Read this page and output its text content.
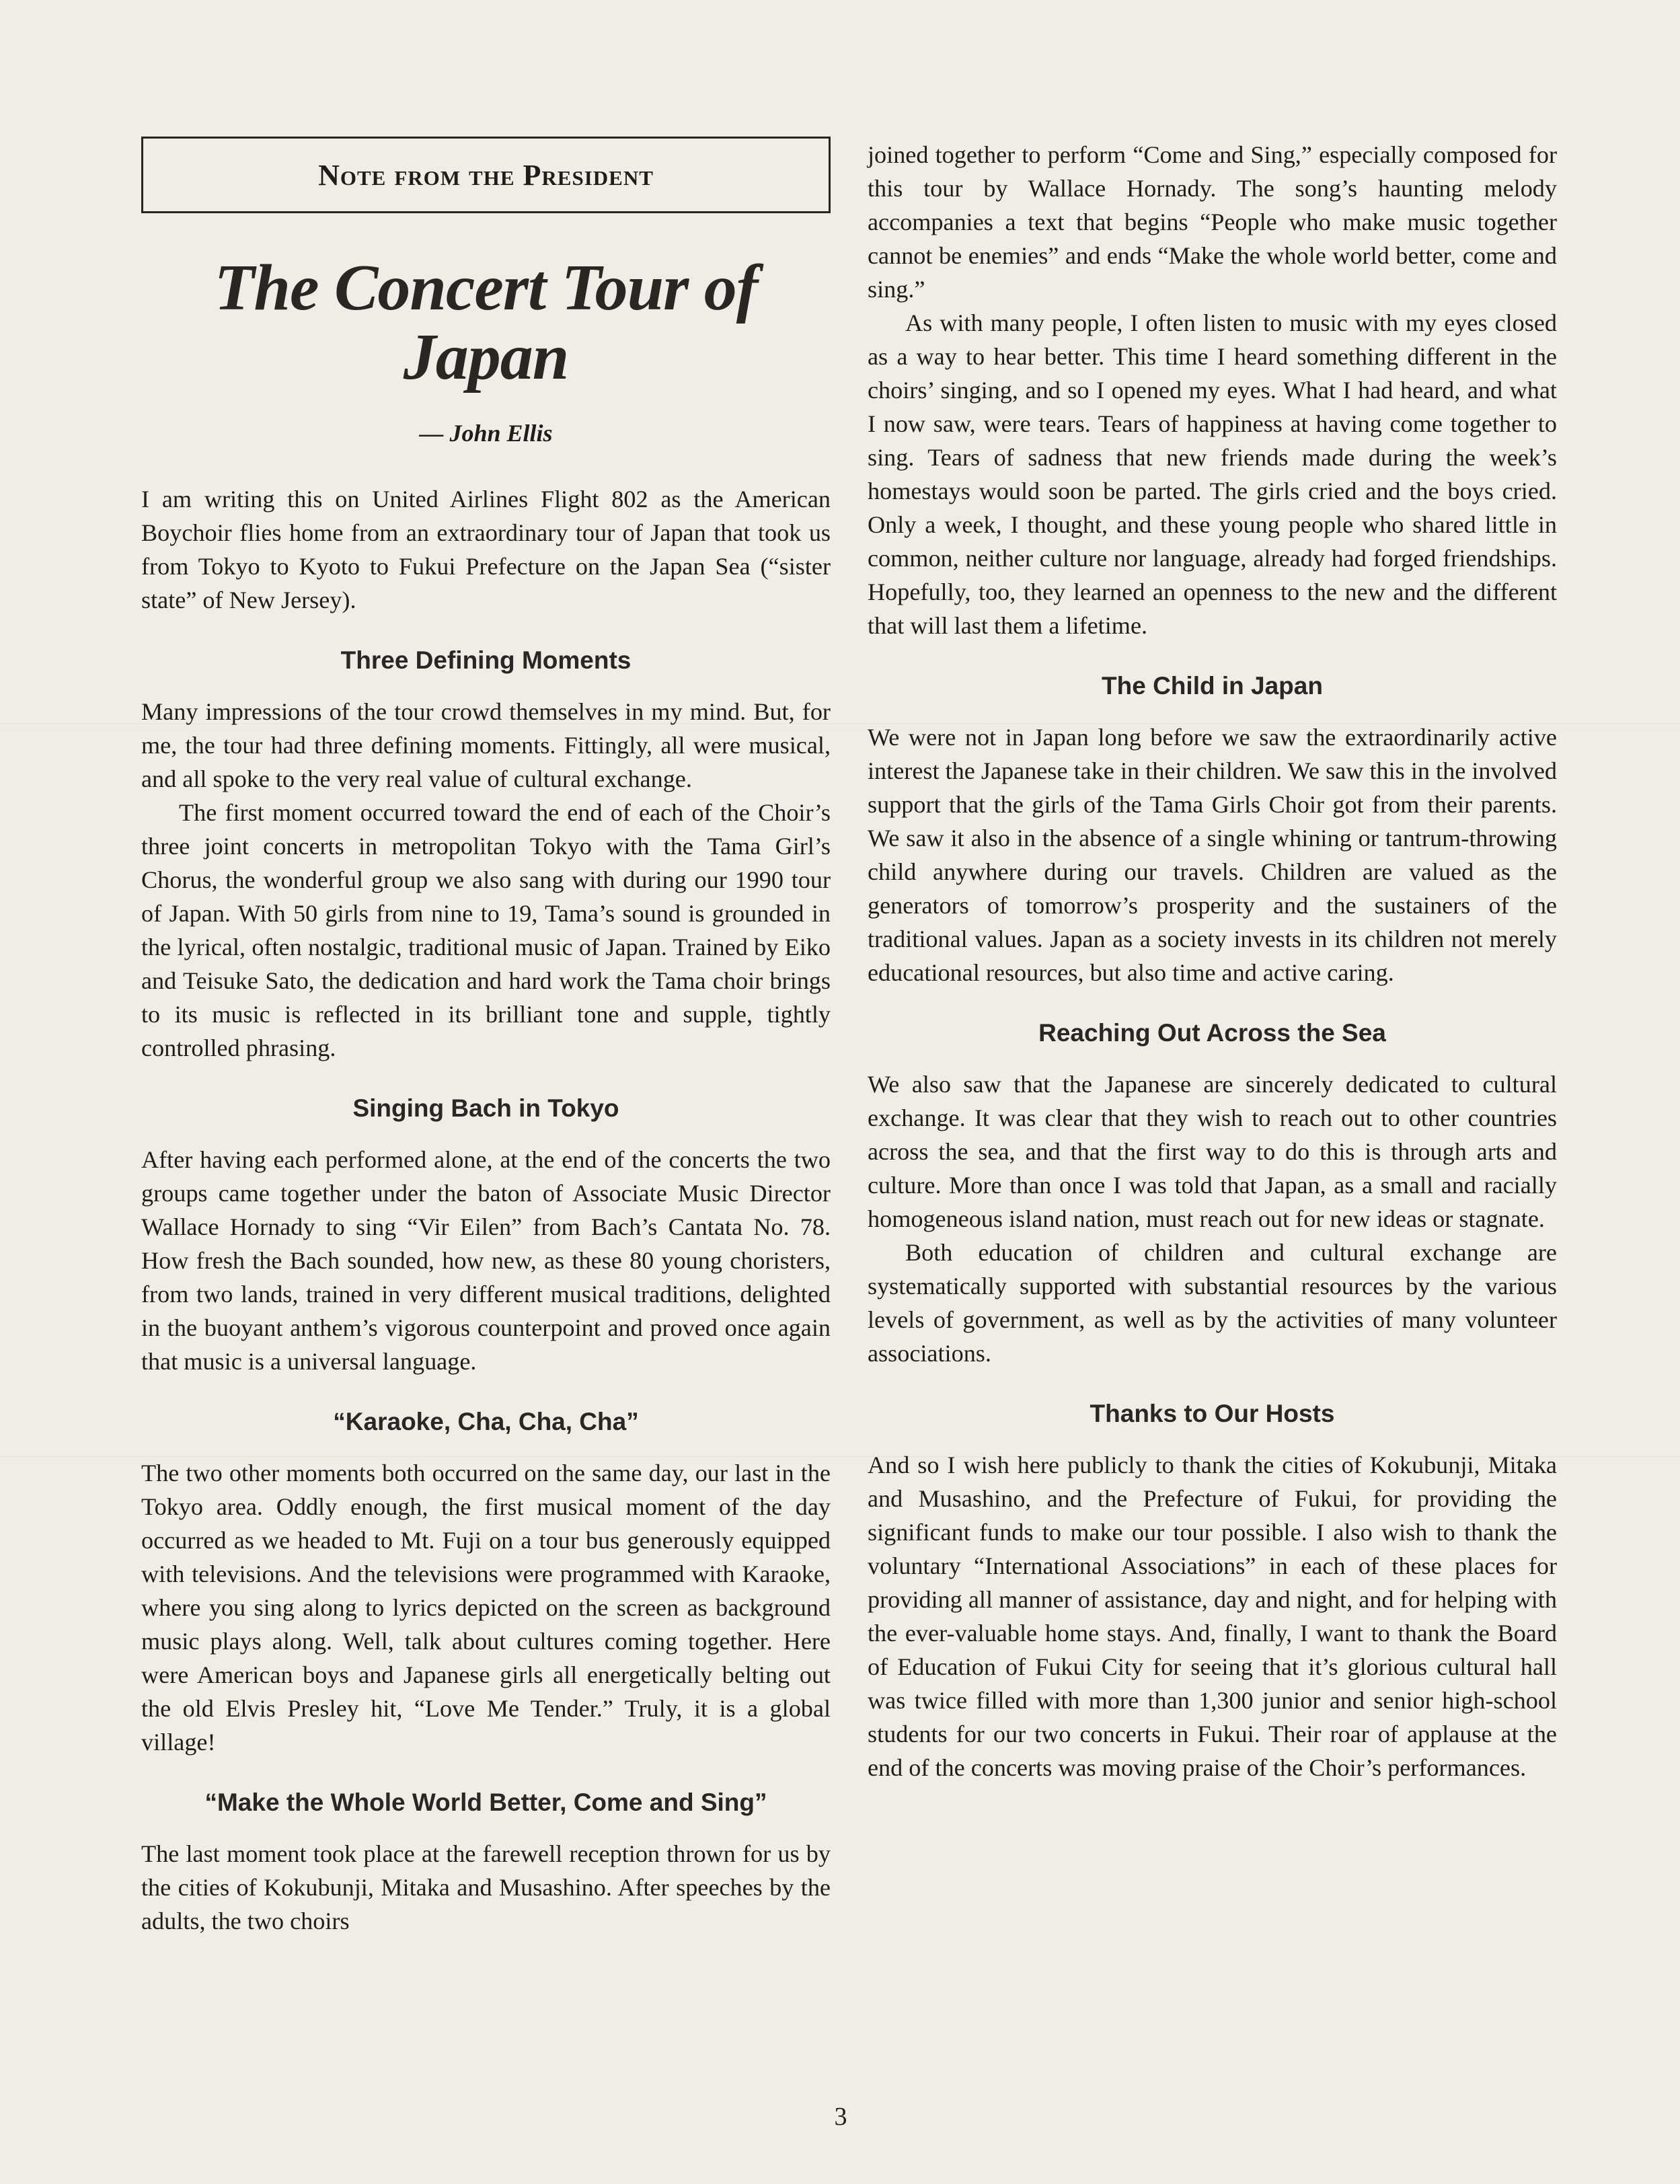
Note from the President
The Concert Tour of Japan
— John Ellis

I am writing this on United Airlines Flight 802 as the American Boychoir flies home from an extraordinary tour of Japan that took us from Tokyo to Kyoto to Fukui Prefecture on the Japan Sea (“sister state” of New Jersey).

Three Defining Moments

Many impressions of the tour crowd themselves in my mind. But, for me, the tour had three defining moments. Fittingly, all were musical, and all spoke to the very real value of cultural exchange.

The first moment occurred toward the end of each of the Choir’s three joint concerts in metropolitan Tokyo with the Tama Girl’s Chorus, the wonderful group we also sang with during our 1990 tour of Japan. With 50 girls from nine to 19, Tama’s sound is grounded in the lyrical, often nostalgic, traditional music of Japan. Trained by Eiko and Teisuke Sato, the dedication and hard work the Tama choir brings to its music is reflected in its brilliant tone and supple, tightly controlled phrasing.

Singing Bach in Tokyo

After having each performed alone, at the end of the concerts the two groups came together under the baton of Associate Music Director Wallace Hornady to sing “Vir Eilen” from Bach’s Cantata No. 78. How fresh the Bach sounded, how new, as these 80 young choristers, from two lands, trained in very different musical traditions, delighted in the buoyant anthem’s vigorous counterpoint and proved once again that music is a universal language.

“Karaoke, Cha, Cha, Cha”

The two other moments both occurred on the same day, our last in the Tokyo area. Oddly enough, the first musical moment of the day occurred as we headed to Mt. Fuji on a tour bus generously equipped with televisions. And the televisions were programmed with Karaoke, where you sing along to lyrics depicted on the screen as background music plays along. Well, talk about cultures coming together. Here were American boys and Japanese girls all energetically belting out the old Elvis Presley hit, “Love Me Tender.” Truly, it is a global village!

“Make the Whole World Better, Come and Sing”

The last moment took place at the farewell reception thrown for us by the cities of Kokubunji, Mitaka and Musashino. After speeches by the adults, the two choirs

joined together to perform “Come and Sing,” especially composed for this tour by Wallace Hornady. The song’s haunting melody accompanies a text that begins “People who make music together cannot be enemies” and ends “Make the whole world better, come and sing.”

As with many people, I often listen to music with my eyes closed as a way to hear better. This time I heard something different in the choirs’ singing, and so I opened my eyes. What I had heard, and what I now saw, were tears. Tears of happiness at having come together to sing. Tears of sadness that new friends made during the week’s homestays would soon be parted. The girls cried and the boys cried. Only a week, I thought, and these young people who shared little in common, neither culture nor language, already had forged friendships. Hopefully, too, they learned an openness to the new and the different that will last them a lifetime.

The Child in Japan

We were not in Japan long before we saw the extraordinarily active interest the Japanese take in their children. We saw this in the involved support that the girls of the Tama Girls Choir got from their parents. We saw it also in the absence of a single whining or tantrum-throwing child anywhere during our travels. Children are valued as the generators of tomorrow’s prosperity and the sustainers of the traditional values. Japan as a society invests in its children not merely educational resources, but also time and active caring.

Reaching Out Across the Sea

We also saw that the Japanese are sincerely dedicated to cultural exchange. It was clear that they wish to reach out to other countries across the sea, and that the first way to do this is through arts and culture. More than once I was told that Japan, as a small and racially homogeneous island nation, must reach out for new ideas or stagnate.

Both education of children and cultural exchange are systematically supported with substantial resources by the various levels of government, as well as by the activities of many volunteer associations.

Thanks to Our Hosts

And so I wish here publicly to thank the cities of Kokubunji, Mitaka and Musashino, and the Prefecture of Fukui, for providing the significant funds to make our tour possible. I also wish to thank the voluntary “International Associations” in each of these places for providing all manner of assistance, day and night, and for helping with the ever-valuable home stays. And, finally, I want to thank the Board of Education of Fukui City for seeing that it’s glorious cultural hall was twice filled with more than 1,300 junior and senior high-school students for our two concerts in Fukui. Their roar of applause at the end of the concerts was moving praise of the Choir’s performances.

3
